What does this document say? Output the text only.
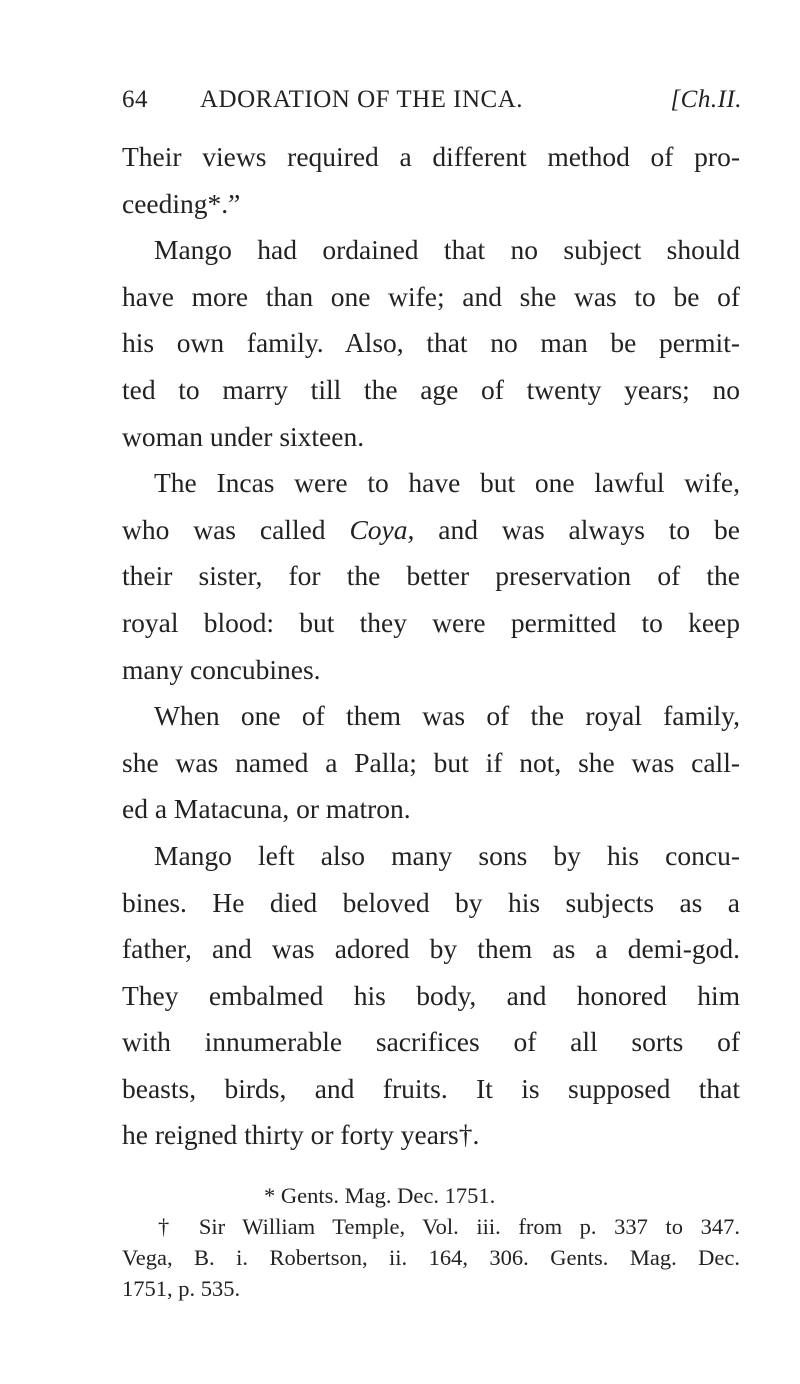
64 ADORATION OF THE INCA.	[Ch.II.
Their views required a different method of pro-
ceeding*.”
Mango had ordained that no subject should
have more than one wife; and she was to be of
his own family. Also, that no man be permit-
ted to marry till the age of twenty years; no
woman under sixteen.
The Incas were to have but one lawful wife,
who was called Coya, and was always to be
their sister, for the better preservation of the
royal blood: but they were permitted to keep
many concubines.
When one of them was of the royal family,
she was named a Palla; but if not, she was call-
ed a Matacuna, or matron.
Mango left also many sons by his concu-
bines. He died beloved by his subjects as a
father, and was adored by them as a demi-god.
They embalmed his body, and honored him
with innumerable sacrifices of all sorts of
beasts, birds, and fruits. It is supposed that
he reigned thirty or forty years†.
* Gents. Mag. Dec. 1751.
† Sir William Temple, Vol. iii. from p. 337 to 347.
Vega, B. i. Robertson, ii. 164, 306. Gents. Mag. Dec.
1751, p. 535.
